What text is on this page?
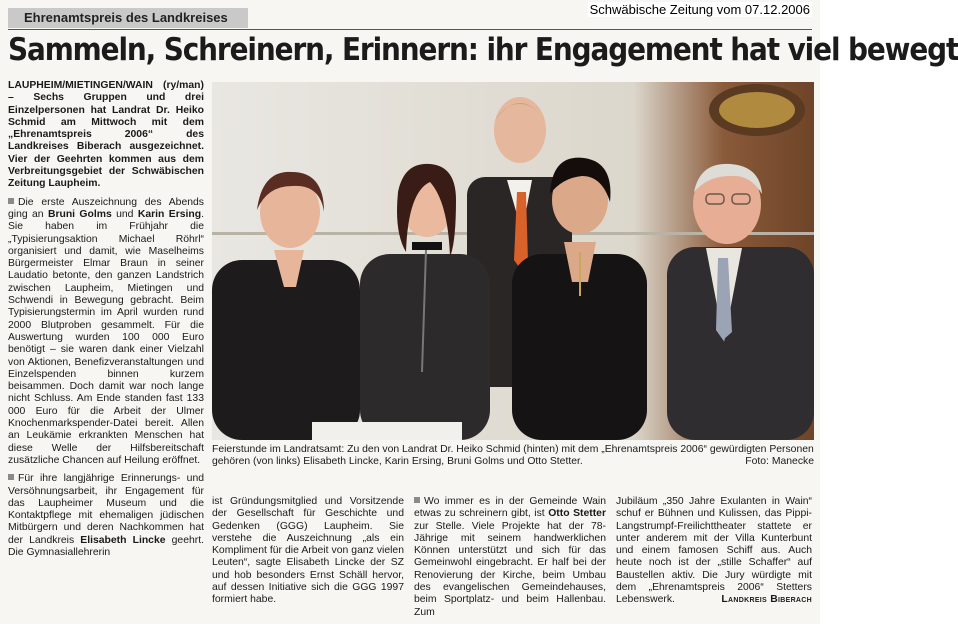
Schwäbische Zeitung vom 07.12.2006
Ehrenamtspreis des Landkreises
Sammeln, Schreinern, Erinnern: ihr Engagement hat viel bewegt

LAUPHEIM/MIETINGEN/WAIN (ry/man) – Sechs Gruppen und drei Einzelpersonen hat Landrat Dr. Heiko Schmid am Mittwoch mit dem „Ehrenamtspreis 2006“ des Landkreises Biberach ausgezeichnet. Vier der Geehrten kommen aus dem Verbreitungsgebiet der Schwäbischen Zeitung Laupheim.

Die erste Auszeichnung des Abends ging an Bruni Golms und Karin Ersing. Sie haben im Frühjahr die „Typisierungsaktion Michael Röhrl“ organisiert und damit, wie Maselheims Bürgermeister Elmar Braun in seiner Laudatio betonte, den ganzen Landstrich zwischen Laupheim, Mietingen und Schwendi in Bewegung gebracht. Beim Typisierungstermin im April wurden rund 2000 Blutproben gesammelt. Für die Auswertung wurden 100 000 Euro benötigt – sie waren dank einer Vielzahl von Aktionen, Benefizveranstaltungen und Einzelspenden binnen kurzem beisammen. Doch damit war noch lange nicht Schluss. Am Ende standen fast 133 000 Euro für die Arbeit der Ulmer Knochenmarkspender-Datei bereit. Allen an Leukämie erkrankten Menschen hat diese Welle der Hilfsbereitschaft zusätzliche Chancen auf Heilung eröffnet.

Für ihre langjährige Erinnerungs- und Versöhnungsarbeit, ihr Engagement für das Laupheimer Museum und die Kontaktpflege mit ehemaligen jüdischen Mitbürgern und deren Nachkommen hat der Landkreis Elisabeth Lincke geehrt. Die Gymnasiallehrerin

Feierstunde im Landratsamt: Zu den von Landrat Dr. Heiko Schmid (hinten) mit dem „Ehrenamtspreis 2006“ gewürdigten Personen gehören (von links) Elisabeth Lincke, Karin Ersing, Bruni Golms und Otto Stetter.	Foto: Manecke

ist Gründungsmitglied und Vorsitzende der Gesellschaft für Geschichte und Gedenken (GGG) Laupheim. Sie verstehe die Auszeichnung „als ein Kompliment für die Arbeit von ganz vielen Leuten“, sagte Elisabeth Lincke der SZ und hob besonders Ernst Schäll hervor, auf dessen Initiative sich die GGG 1997 formiert habe.

Wo immer es in der Gemeinde Wain etwas zu schreinern gibt, ist Otto Stetter zur Stelle. Viele Projekte hat der 78-Jährige mit seinem handwerklichen Können unterstützt und sich für das Gemeinwohl eingebracht. Er half bei der Renovierung der Kirche, beim Umbau des evangelischen Gemeindehauses, beim Sportplatz- und beim Hallenbau. Zum

Jubiläum „350 Jahre Exulanten in Wain“ schuf er Bühnen und Kulissen, das Pippi-Langstrumpf-Freilichttheater stattete er unter anderem mit der Villa Kunterbunt und einem famosen Schiff aus. Auch heute noch ist der „stille Schaffer“ auf Baustellen aktiv. Die Jury würdigte mit dem „Ehrenamtspreis 2006“ Stetters Lebenswerk.	Landkreis Biberach
